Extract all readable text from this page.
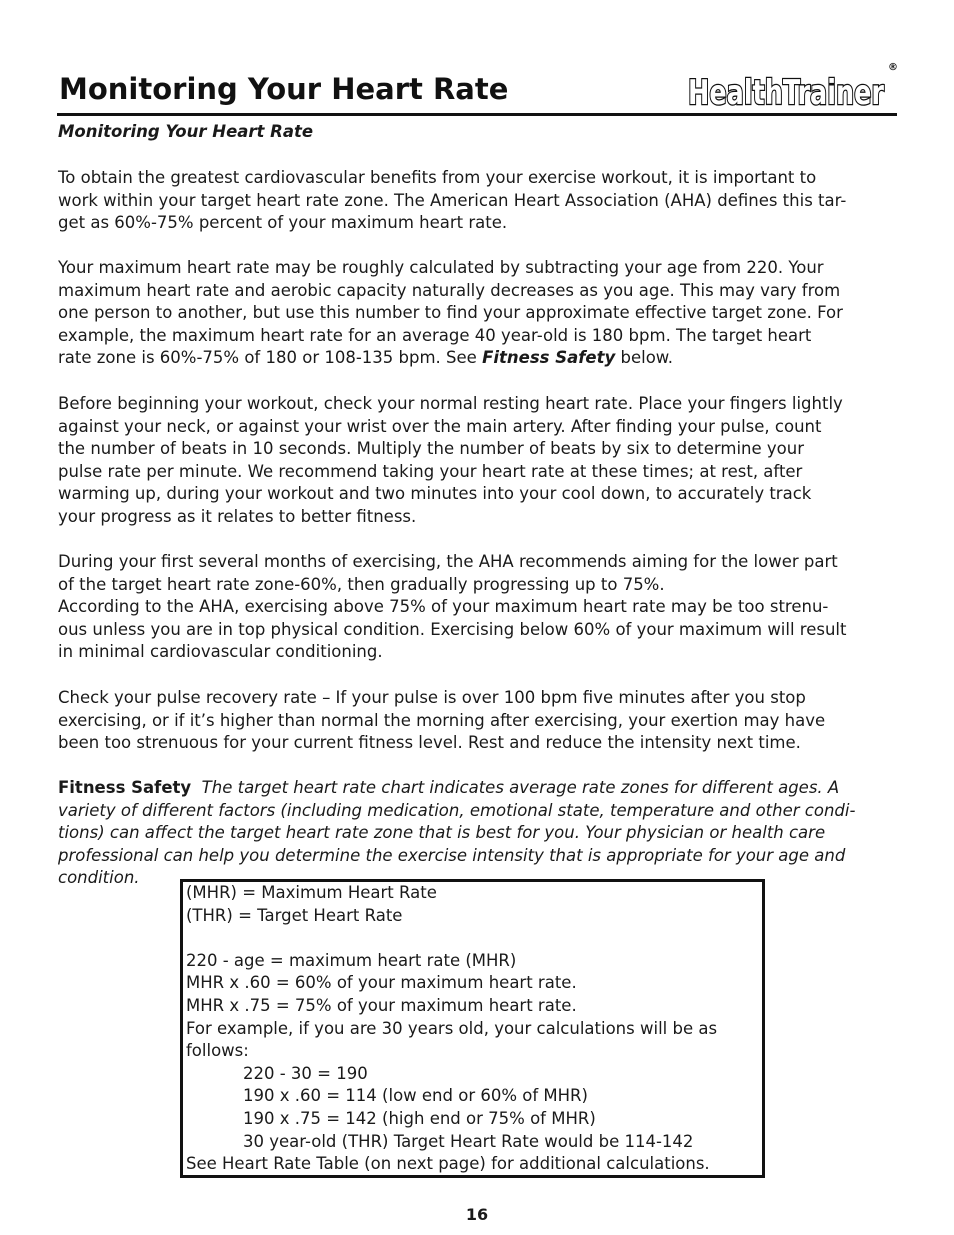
Monitoring Your Heart Rate	HealthTrainer
®
Monitoring Your Heart Rate
To obtain the greatest cardiovascular benefits from your exercise workout, it is important to
work within your target heart rate zone. The American Heart Association (AHA) defines this tar-
get as 60%-75% percent of your maximum heart rate.
Your maximum heart rate may be roughly calculated by subtracting your age from 220. Your
maximum heart rate and aerobic capacity naturally decreases as you age. This may vary from
one person to another, but use this number to find your approximate effective target zone. For
example, the maximum heart rate for an average 40 year-old is 180 bpm. The target heart
rate zone is 60%-75% of 180 or 108-135 bpm. See Fitness Safety below.
Before beginning your workout, check your normal resting heart rate. Place your fingers lightly
against your neck, or against your wrist over the main artery. After finding your pulse, count
the number of beats in 10 seconds. Multiply the number of beats by six to determine your
pulse rate per minute. We recommend taking your heart rate at these times; at rest, after
warming up, during your workout and two minutes into your cool down, to accurately track
your progress as it relates to better fitness.
During your first several months of exercising, the AHA recommends aiming for the lower part
of the target heart rate zone-60%, then gradually progressing up to 75%.
According to the AHA, exercising above 75% of your maximum heart rate may be too strenu-
ous unless you are in top physical condition. Exercising below 60% of your maximum will result
in minimal cardiovascular conditioning.
Check your pulse recovery rate – If your pulse is over 100 bpm five minutes after you stop
exercising, or if it’s higher than normal the morning after exercising, your exertion may have
been too strenuous for your current fitness level. Rest and reduce the intensity next time.
Fitness Safety The target heart rate chart indicates average rate zones for different ages. A
variety of different factors (including medication, emotional state, temperature and other condi-
tions) can affect the target heart rate zone that is best for you. Your physician or health care
professional can help you determine the exercise intensity that is appropriate for your age and
condition.
(MHR) = Maximum Heart Rate
(THR) = Target Heart Rate
220 - age = maximum heart rate (MHR)
MHR x .60 = 60% of your maximum heart rate.
MHR x .75 = 75% of your maximum heart rate.
For example, if you are 30 years old, your calculations will be as
follows:
220 - 30 = 190
190 x .60 = 114 (low end or 60% of MHR)
190 x .75 = 142 (high end or 75% of MHR)
30 year-old (THR) Target Heart Rate would be 114-142
See Heart Rate Table (on next page) for additional calculations.
16
